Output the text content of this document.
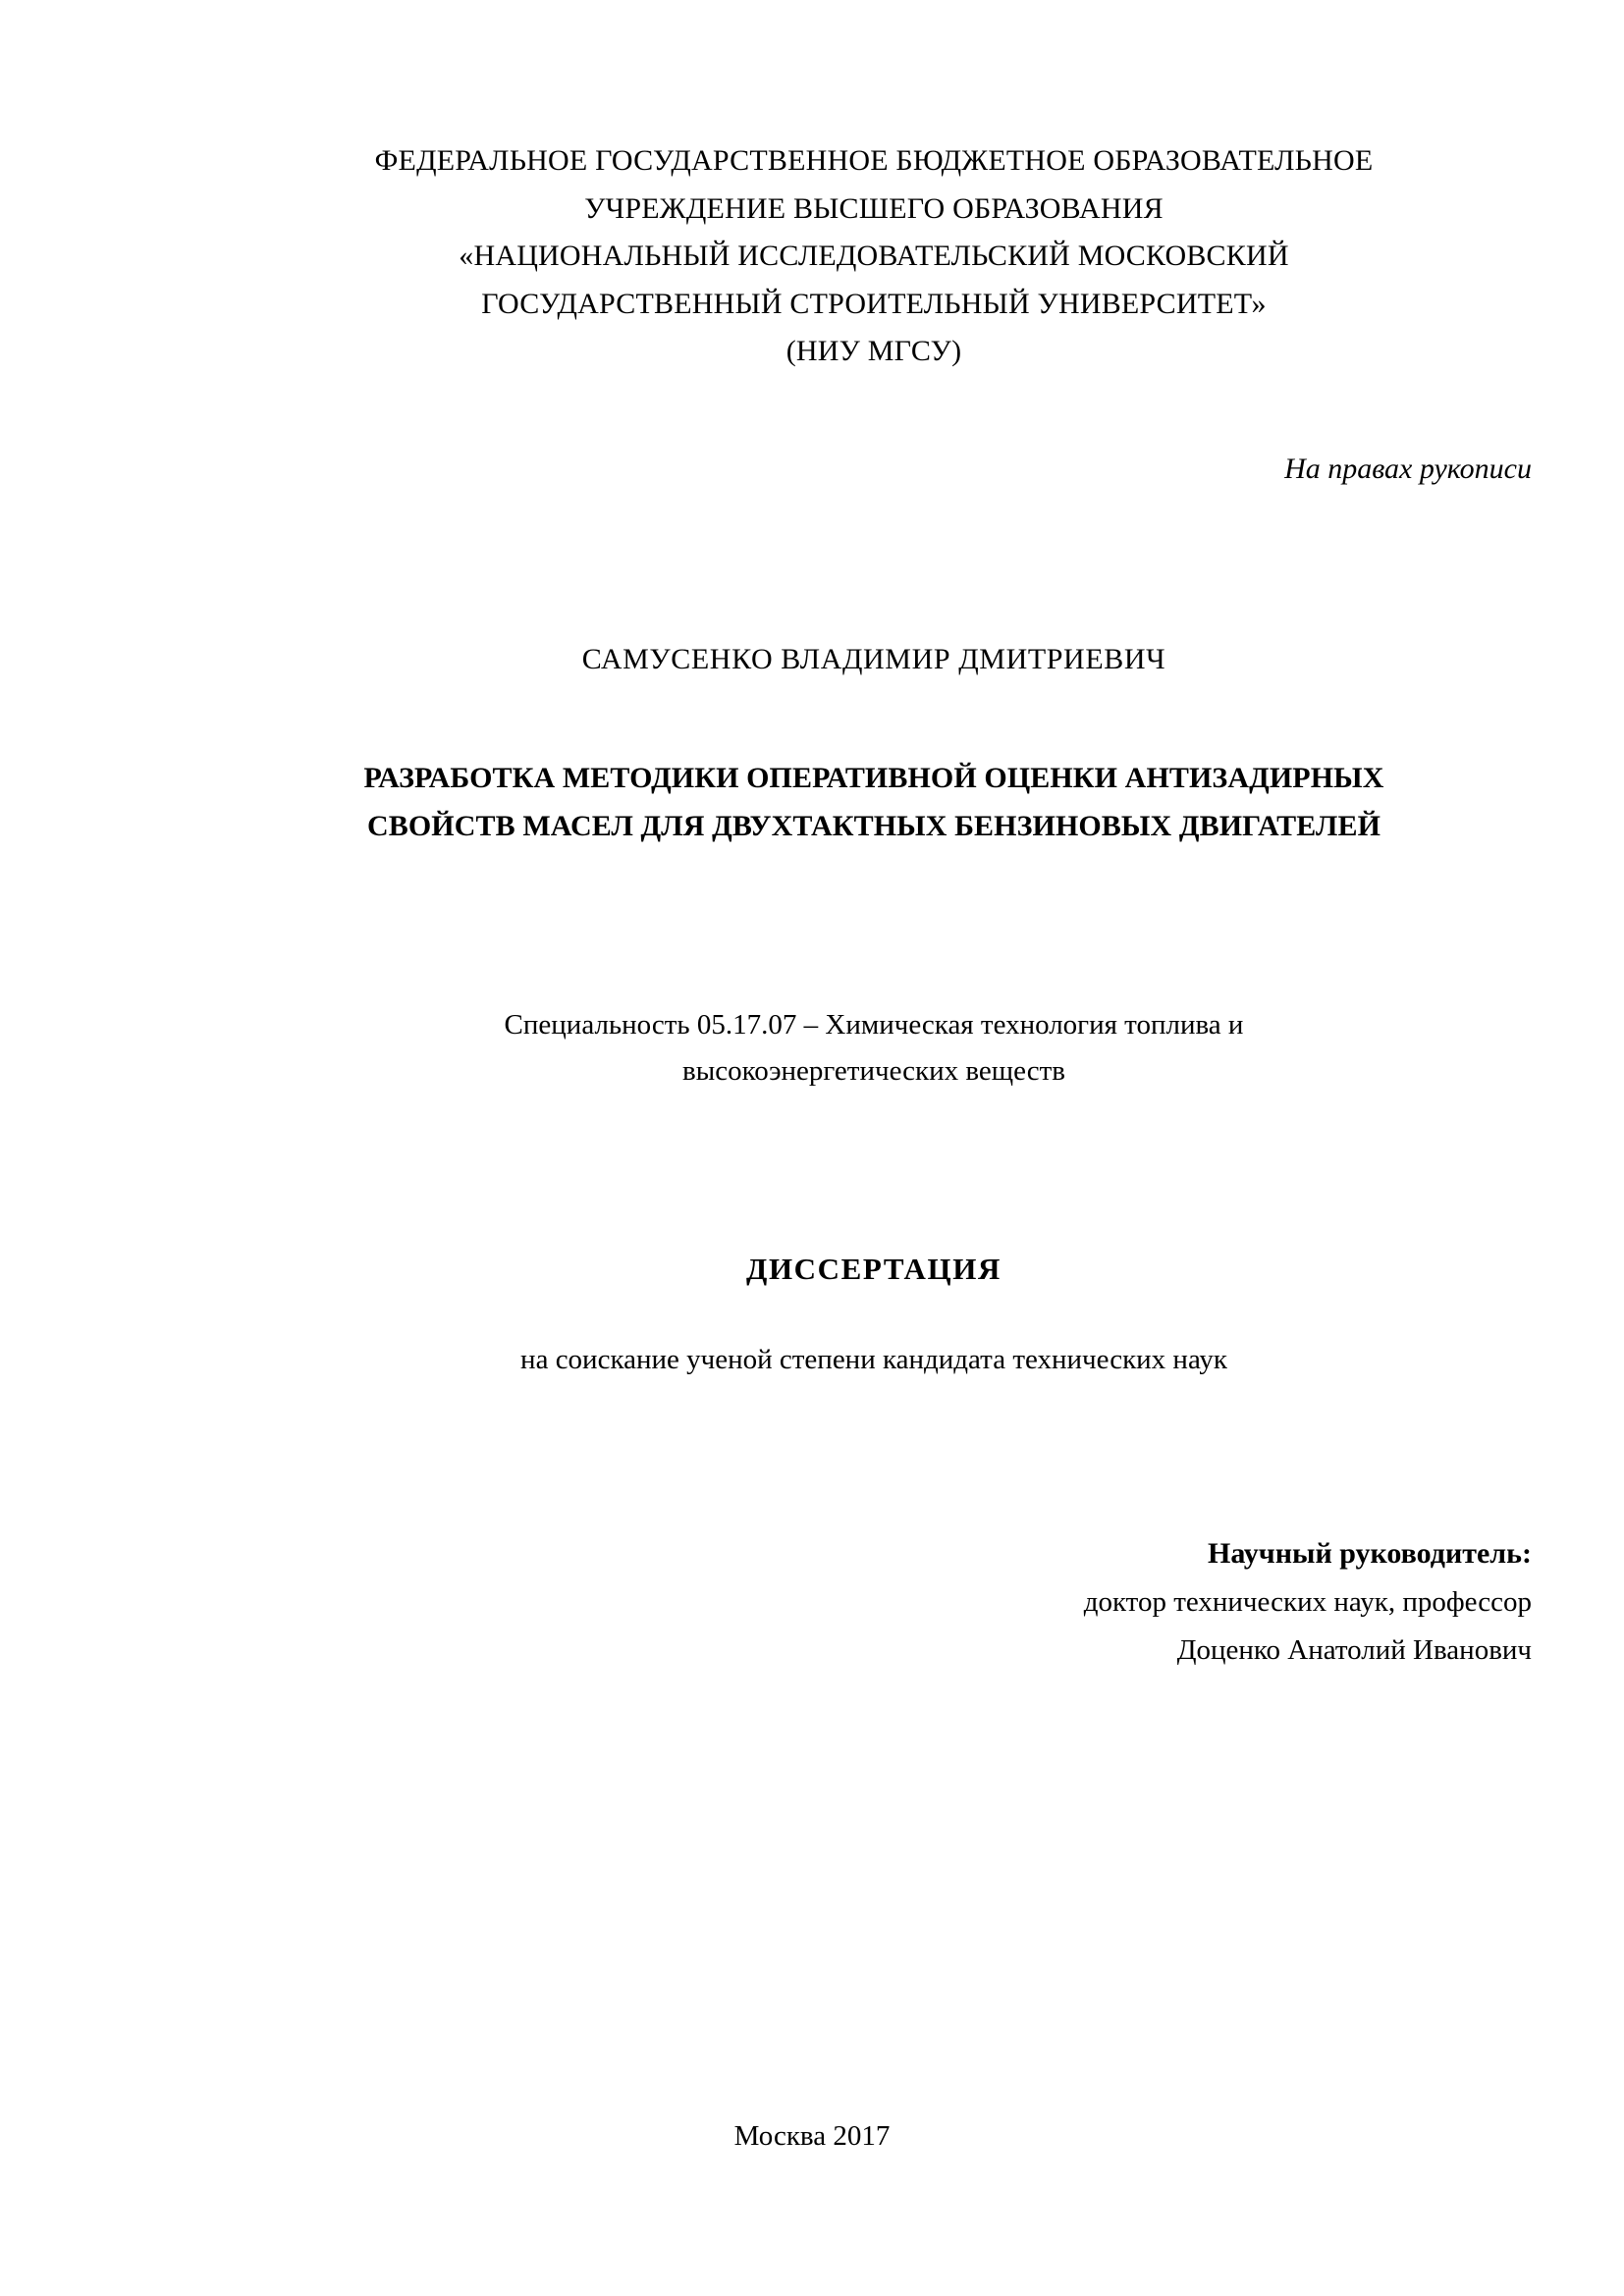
ФЕДЕРАЛЬНОЕ ГОСУДАРСТВЕННОЕ БЮДЖЕТНОЕ ОБРАЗОВАТЕЛЬНОЕ
УЧРЕЖДЕНИЕ ВЫСШЕГО ОБРАЗОВАНИЯ
«НАЦИОНАЛЬНЫЙ ИССЛЕДОВАТЕЛЬСКИЙ МОСКОВСКИЙ
ГОСУДАРСТВЕННЫЙ СТРОИТЕЛЬНЫЙ УНИВЕРСИТЕТ»
(НИУ МГСУ)
На правах рукописи
САМУСЕНКО ВЛАДИМИР ДМИТРИЕВИЧ
РАЗРАБОТКА МЕТОДИКИ ОПЕРАТИВНОЙ ОЦЕНКИ АНТИЗАДИРНЫХ
СВОЙСТВ МАСЕЛ ДЛЯ ДВУХТАКТНЫХ БЕНЗИНОВЫХ ДВИГАТЕЛЕЙ
Специальность 05.17.07 – Химическая технология топлива и
высокоэнергетических веществ
ДИССЕРТАЦИЯ
на соискание ученой степени кандидата технических наук
Научный руководитель:
доктор технических наук, профессор
Доценко Анатолий Иванович
Москва 2017
